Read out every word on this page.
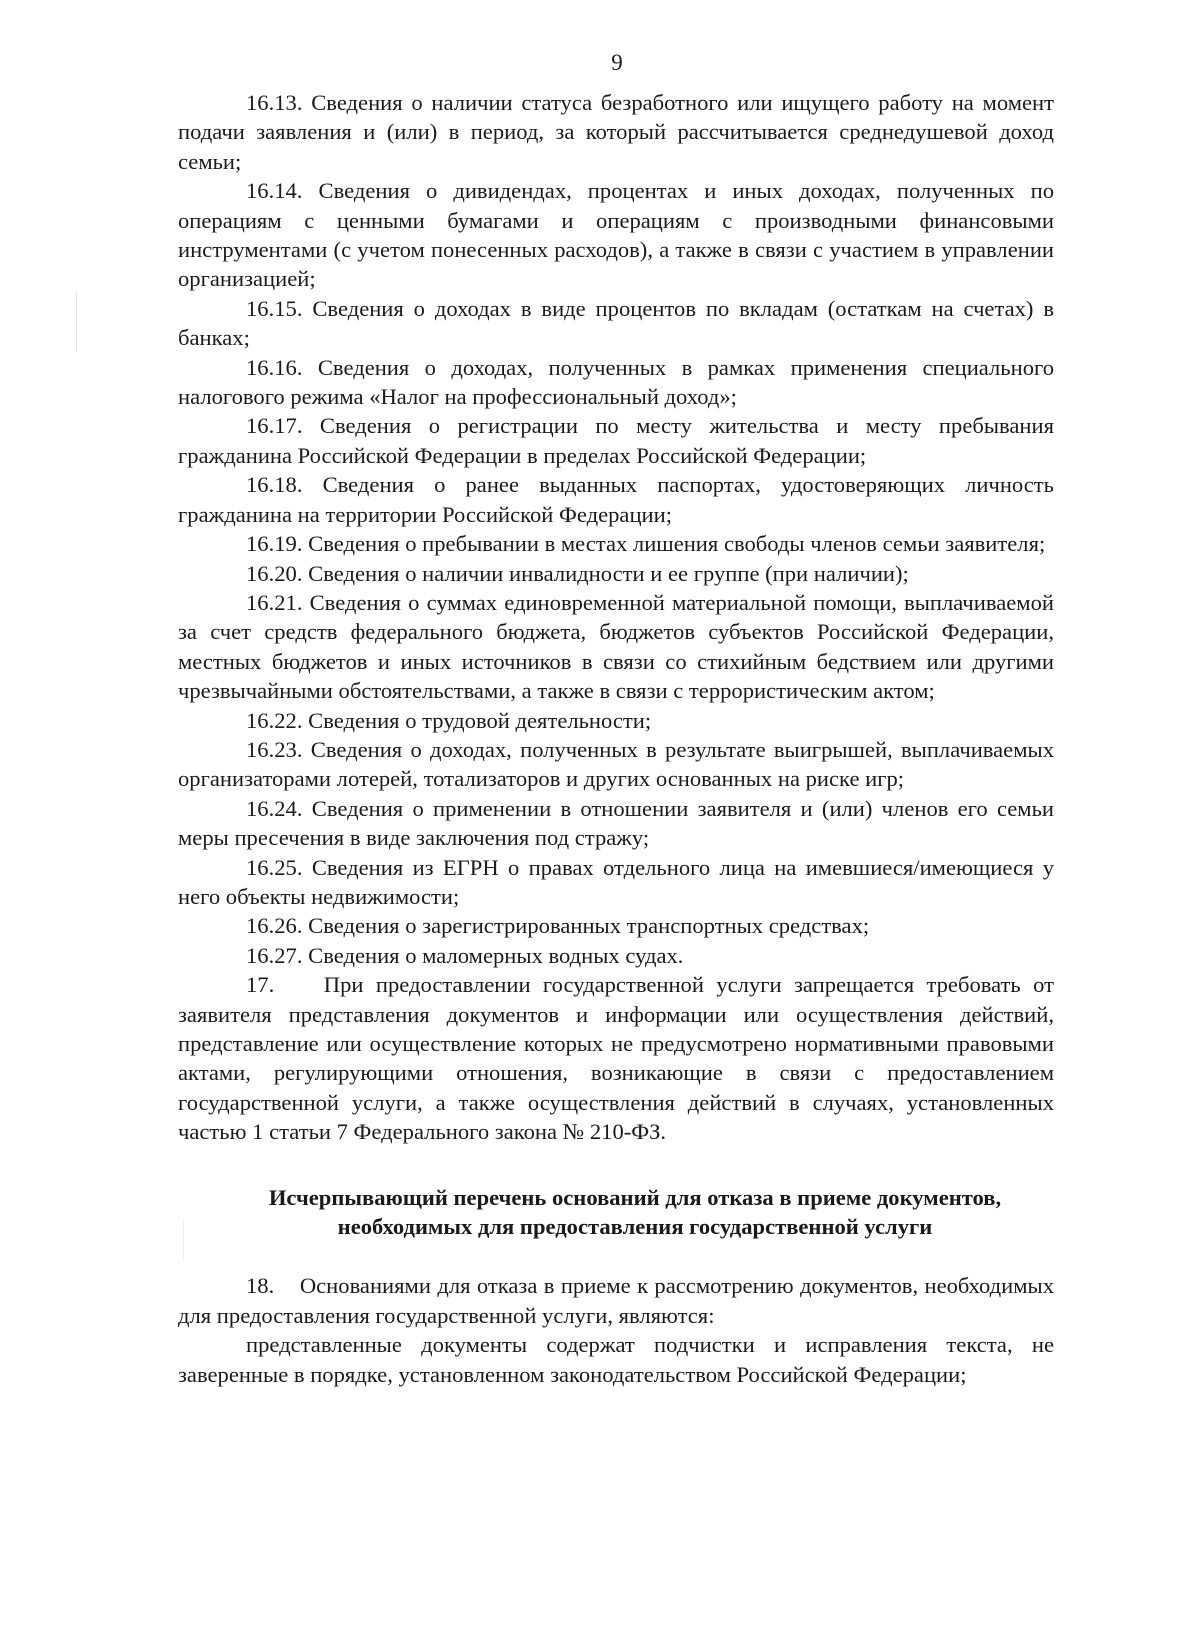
9

16.13. Сведения о наличии статуса безработного или ищущего работу на момент подачи заявления и (или) в период, за который рассчитывается среднедушевой доход семьи;

16.14. Сведения о дивидендах, процентах и иных доходах, полученных по операциям с ценными бумагами и операциям с производными финансовыми инструментами (с учетом понесенных расходов), а также в связи с участием в управлении организацией;

16.15. Сведения о доходах в виде процентов по вкладам (остаткам на счетах) в банках;

16.16. Сведения о доходах, полученных в рамках применения специального налогового режима «Налог на профессиональный доход»;

16.17. Сведения о регистрации по месту жительства и месту пребывания гражданина Российской Федерации в пределах Российской Федерации;

16.18. Сведения о ранее выданных паспортах, удостоверяющих личность гражданина на территории Российской Федерации;

16.19. Сведения о пребывании в местах лишения свободы членов семьи заявителя;

16.20. Сведения о наличии инвалидности и ее группе (при наличии);

16.21. Сведения о суммах единовременной материальной помощи, выплачиваемой за счет средств федерального бюджета, бюджетов субъектов Российской Федерации, местных бюджетов и иных источников в связи со стихийным бедствием или другими чрезвычайными обстоятельствами, а также в связи с террористическим актом;

16.22. Сведения о трудовой деятельности;

16.23. Сведения о доходах, полученных в результате выигрышей, выплачиваемых организаторами лотерей, тотализаторов и других основанных на риске игр;

16.24. Сведения о применении в отношении заявителя и (или) членов его семьи меры пресечения в виде заключения под стражу;

16.25. Сведения из ЕГРН о правах отдельного лица на имевшиеся/имеющиеся у него объекты недвижимости;

16.26. Сведения о зарегистрированных транспортных средствах;

16.27. Сведения о маломерных водных судах.

17.    При предоставлении государственной услуги запрещается требовать от заявителя представления документов и информации или осуществления действий, представление или осуществление которых не предусмотрено нормативными правовыми актами, регулирующими отношения, возникающие в связи с предоставлением государственной услуги, а также осуществления действий в случаях, установленных частью 1 статьи 7 Федерального закона № 210-ФЗ.

Исчерпывающий перечень оснований для отказа в приеме документов,
необходимых для предоставления государственной услуги

18.    Основаниями для отказа в приеме к рассмотрению документов, необходимых для предоставления государственной услуги, являются:

представленные документы содержат подчистки и исправления текста, не заверенные в порядке, установленном законодательством Российской Федерации;
